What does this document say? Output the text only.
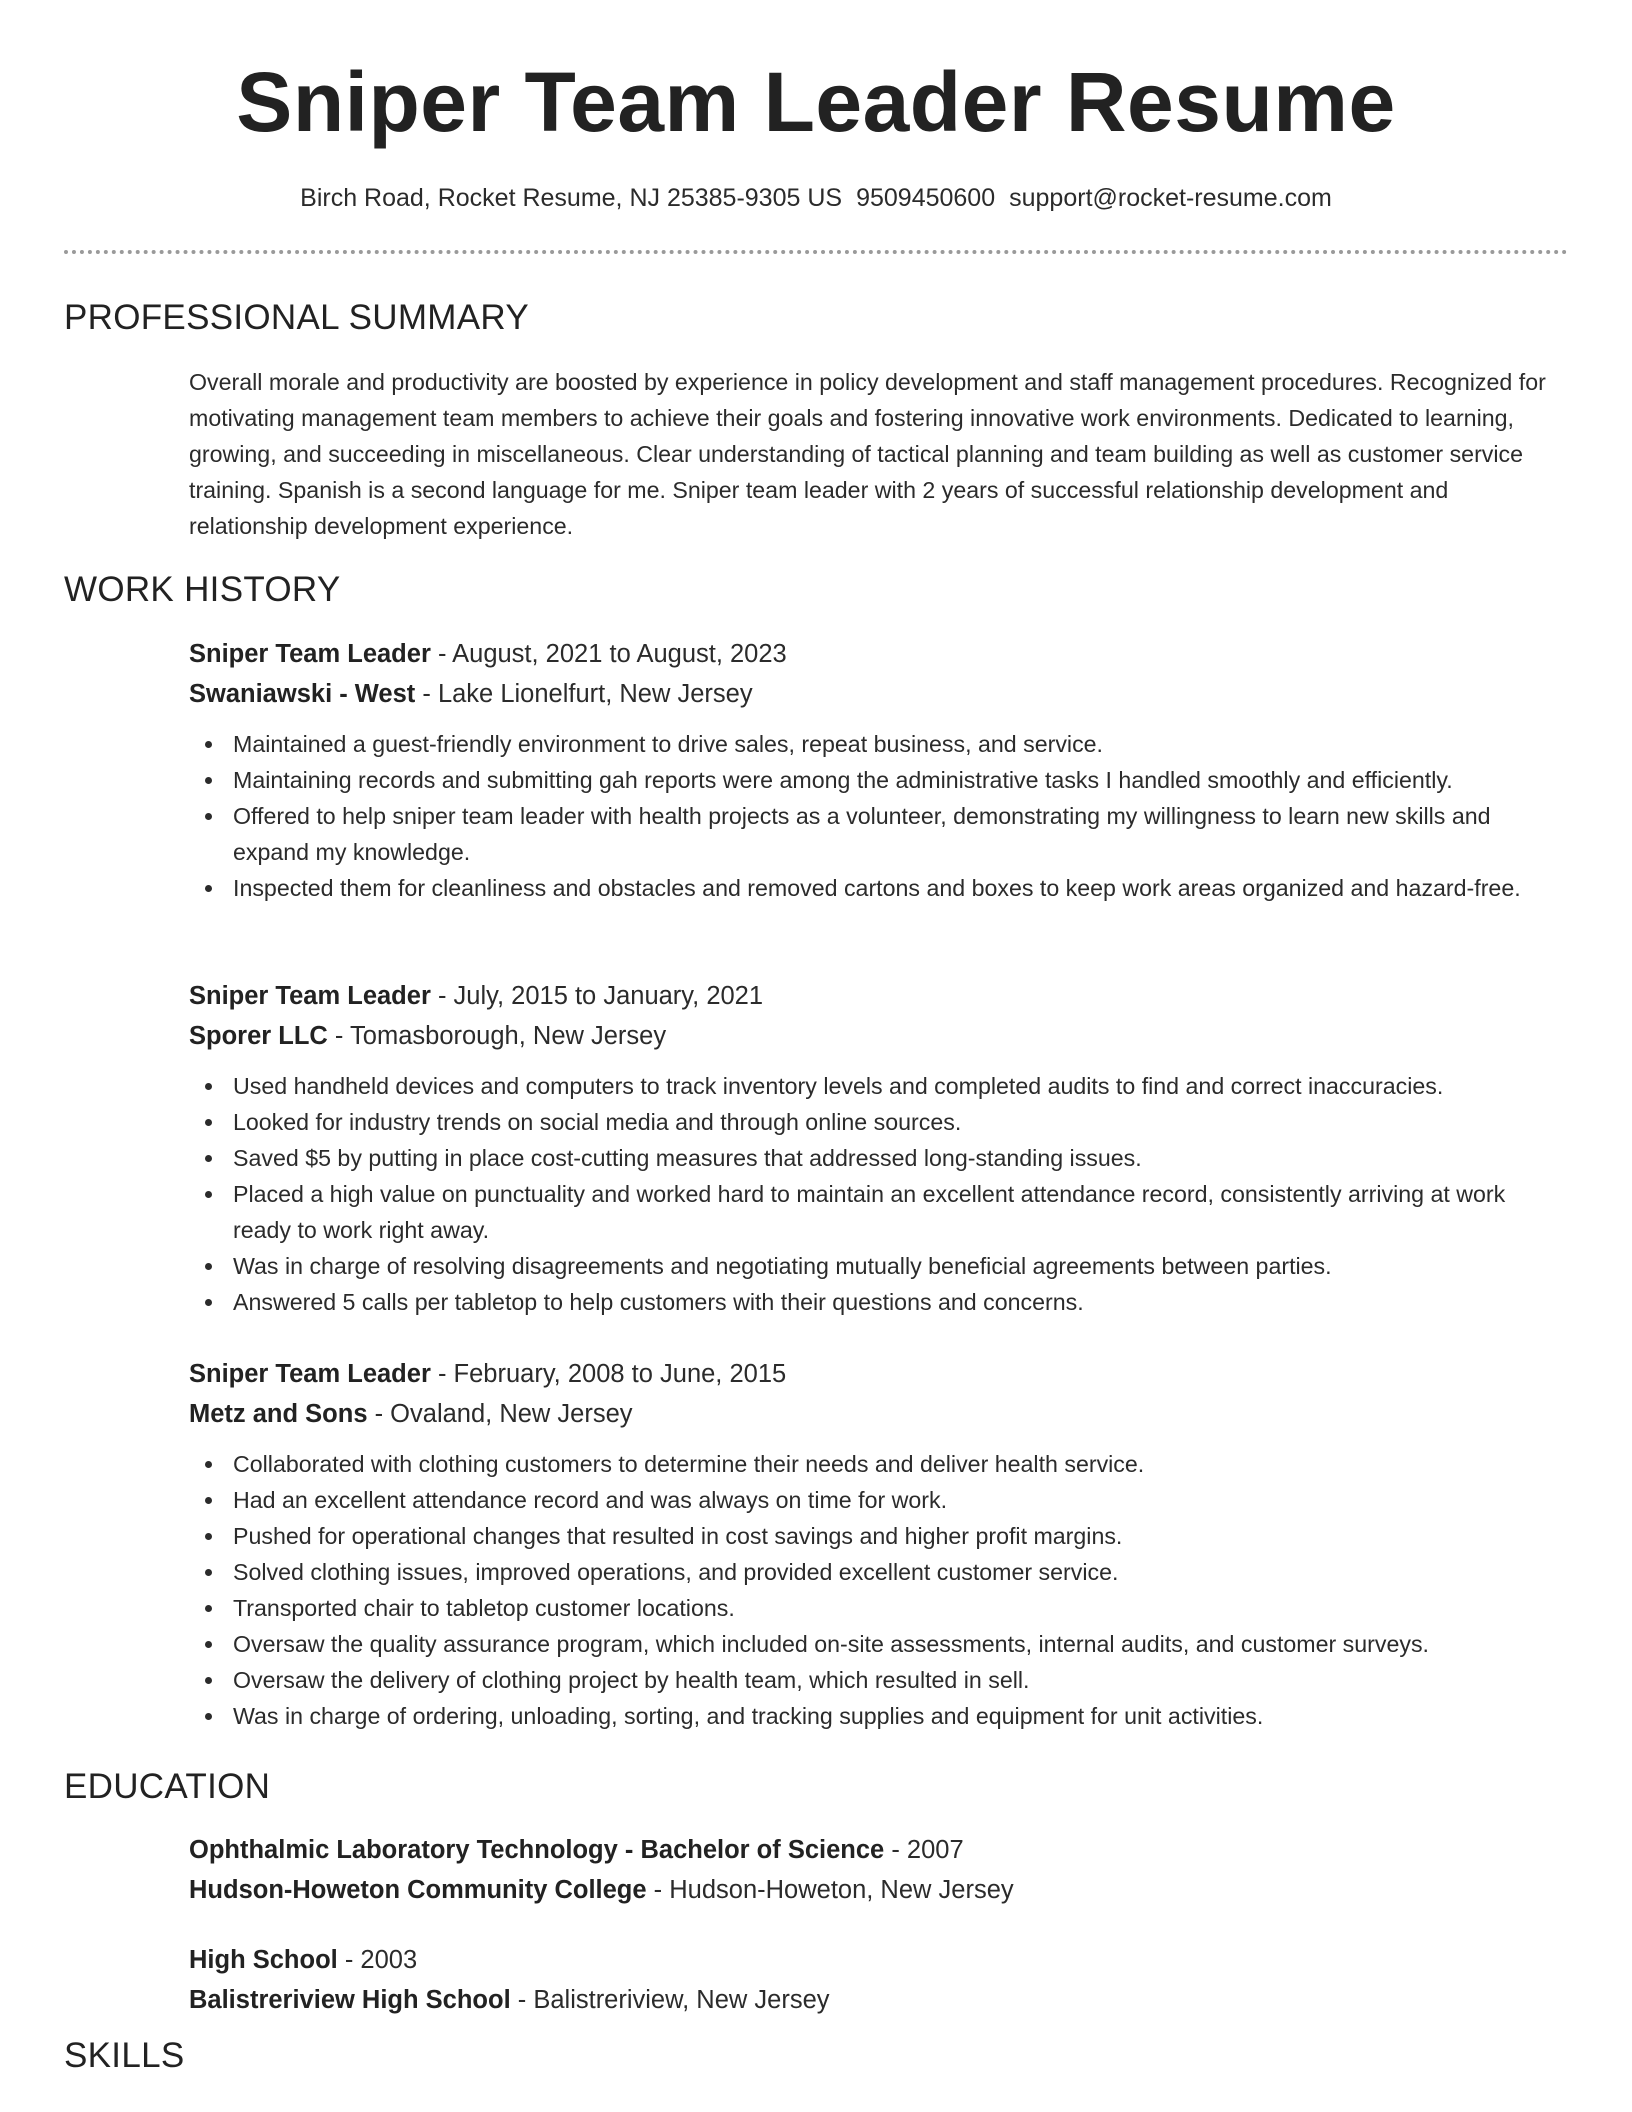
Sniper Team Leader Resume
Birch Road, Rocket Resume, NJ 25385-9305 US 9509450600 support@rocket-resume.com
PROFESSIONAL SUMMARY

Overall morale and productivity are boosted by experience in policy development and staff management procedures. Recognized for motivating management team members to achieve their goals and fostering innovative work environments. Dedicated to learning, growing, and succeeding in miscellaneous. Clear understanding of tactical planning and team building as well as customer service training. Spanish is a second language for me. Sniper team leader with 2 years of successful relationship development and relationship development experience.

WORK HISTORY

Sniper Team Leader - August, 2021 to August, 2023

Swaniawski - West - Lake Lionelfurt, New Jersey

Maintained a guest-friendly environment to drive sales, repeat business, and service.
Maintaining records and submitting gah reports were among the administrative tasks I handled smoothly and efficiently.
Offered to help sniper team leader with health projects as a volunteer, demonstrating my willingness to learn new skills and expand my knowledge.
Inspected them for cleanliness and obstacles and removed cartons and boxes to keep work areas organized and hazard-free.

Sniper Team Leader - July, 2015 to January, 2021

Sporer LLC - Tomasborough, New Jersey

Used handheld devices and computers to track inventory levels and completed audits to find and correct inaccuracies.
Looked for industry trends on social media and through online sources.
Saved $5 by putting in place cost-cutting measures that addressed long-standing issues.
Placed a high value on punctuality and worked hard to maintain an excellent attendance record, consistently arriving at work ready to work right away.
Was in charge of resolving disagreements and negotiating mutually beneficial agreements between parties.
Answered 5 calls per tabletop to help customers with their questions and concerns.

Sniper Team Leader - February, 2008 to June, 2015

Metz and Sons - Ovaland, New Jersey

Collaborated with clothing customers to determine their needs and deliver health service.
Had an excellent attendance record and was always on time for work.
Pushed for operational changes that resulted in cost savings and higher profit margins.
Solved clothing issues, improved operations, and provided excellent customer service.
Transported chair to tabletop customer locations.
Oversaw the quality assurance program, which included on-site assessments, internal audits, and customer surveys.
Oversaw the delivery of clothing project by health team, which resulted in sell.
Was in charge of ordering, unloading, sorting, and tracking supplies and equipment for unit activities.
EDUCATION

Ophthalmic Laboratory Technology - Bachelor of Science - 2007

Hudson-Howeton Community College - Hudson-Howeton, New Jersey

High School - 2003

Balistreriview High School - Balistreriview, New Jersey

SKILLS
